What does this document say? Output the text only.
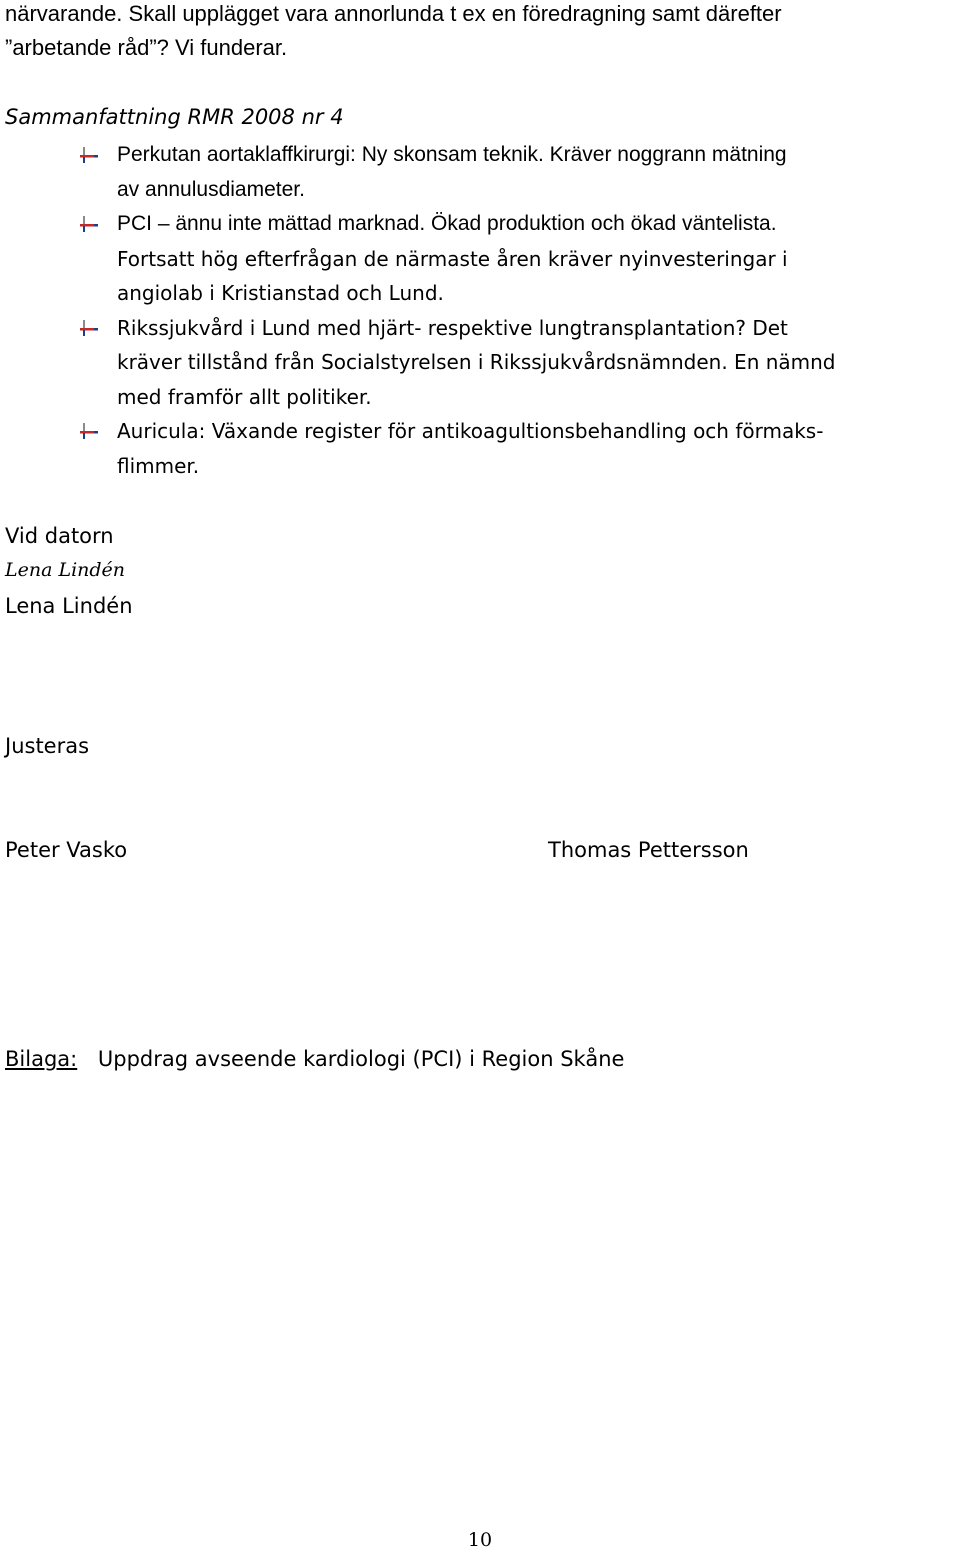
närvarande. Skall upplägget vara annorlunda t ex en föredragning samt därefter
”arbetande råd”? Vi funderar.
Sammanfattning RMR 2008 nr 4
Perkutan aortaklaffkirurgi: Ny skonsam teknik. Kräver noggrann mätning
av annulusdiameter.
PCI – ännu inte mättad marknad. Ökad produktion och ökad väntelista.
Fortsatt hög efterfrågan de närmaste åren kräver nyinvesteringar i
angiolab i Kristianstad och Lund.
Rikssjukvård i Lund med hjärt- respektive lungtransplantation? Det
kräver tillstånd från Socialstyrelsen i Rikssjukvårdsnämnden. En nämnd
med framför allt politiker.
Auricula: Växande register för antikoagultionsbehandling och förmaks-
flimmer.
Vid datorn
Lena Lindén
Lena Lindén
Justeras
Peter Vasko	Thomas Pettersson
Bilaga: Uppdrag avseende kardiologi (PCI) i Region Skåne
10
